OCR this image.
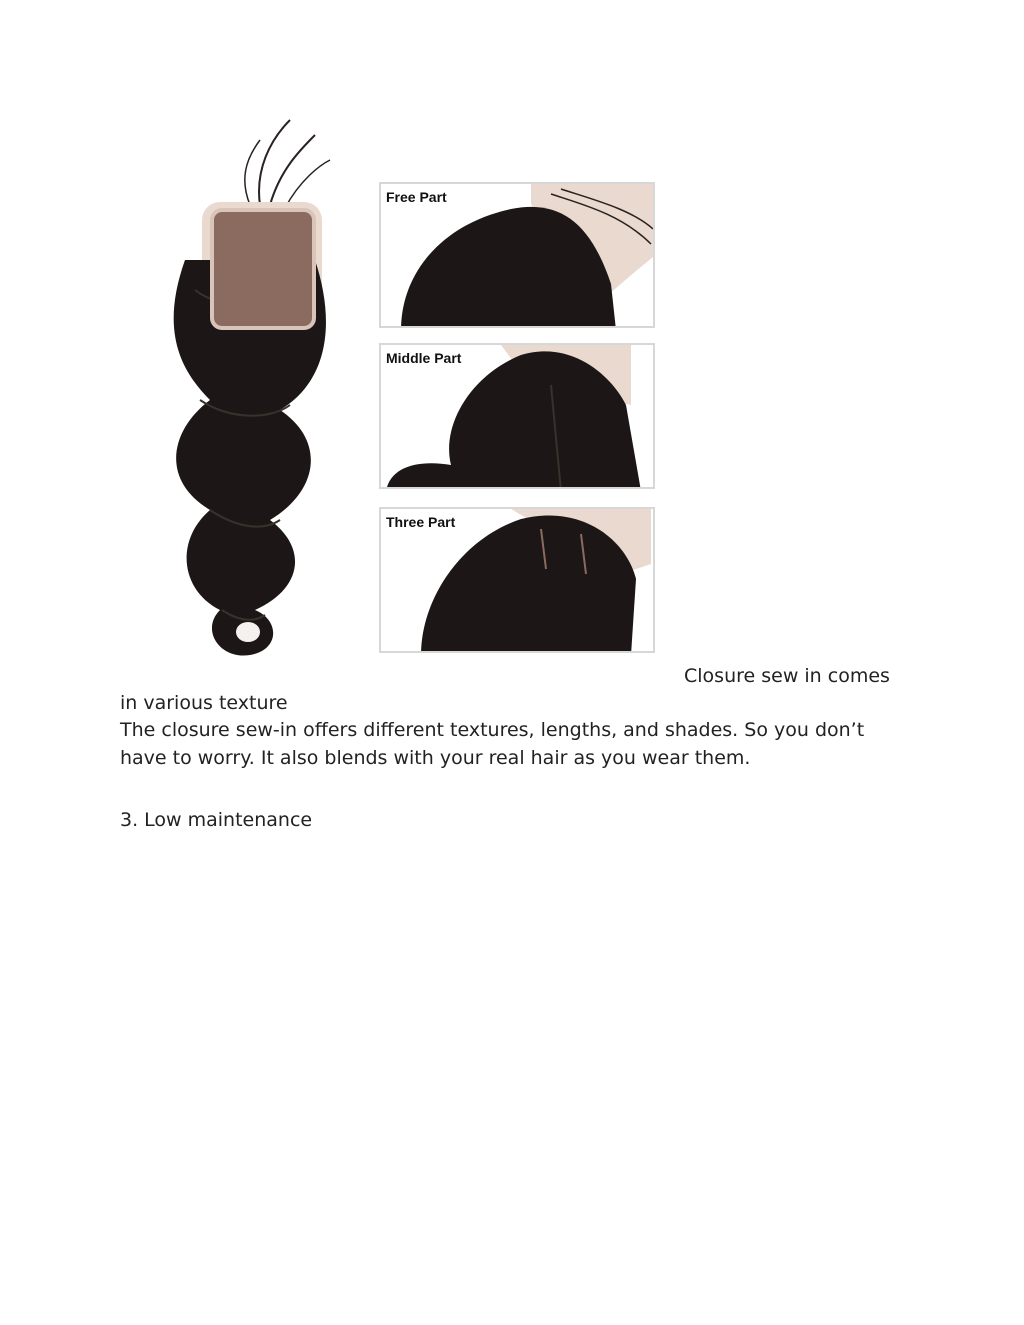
Free Part
Middle Part
Three Part
Closure sew in comes
in various texture
The closure sew-in offers different textures, lengths, and shades. So you don’t have to worry. It also blends with your real hair as you wear them.
3. Low maintenance
